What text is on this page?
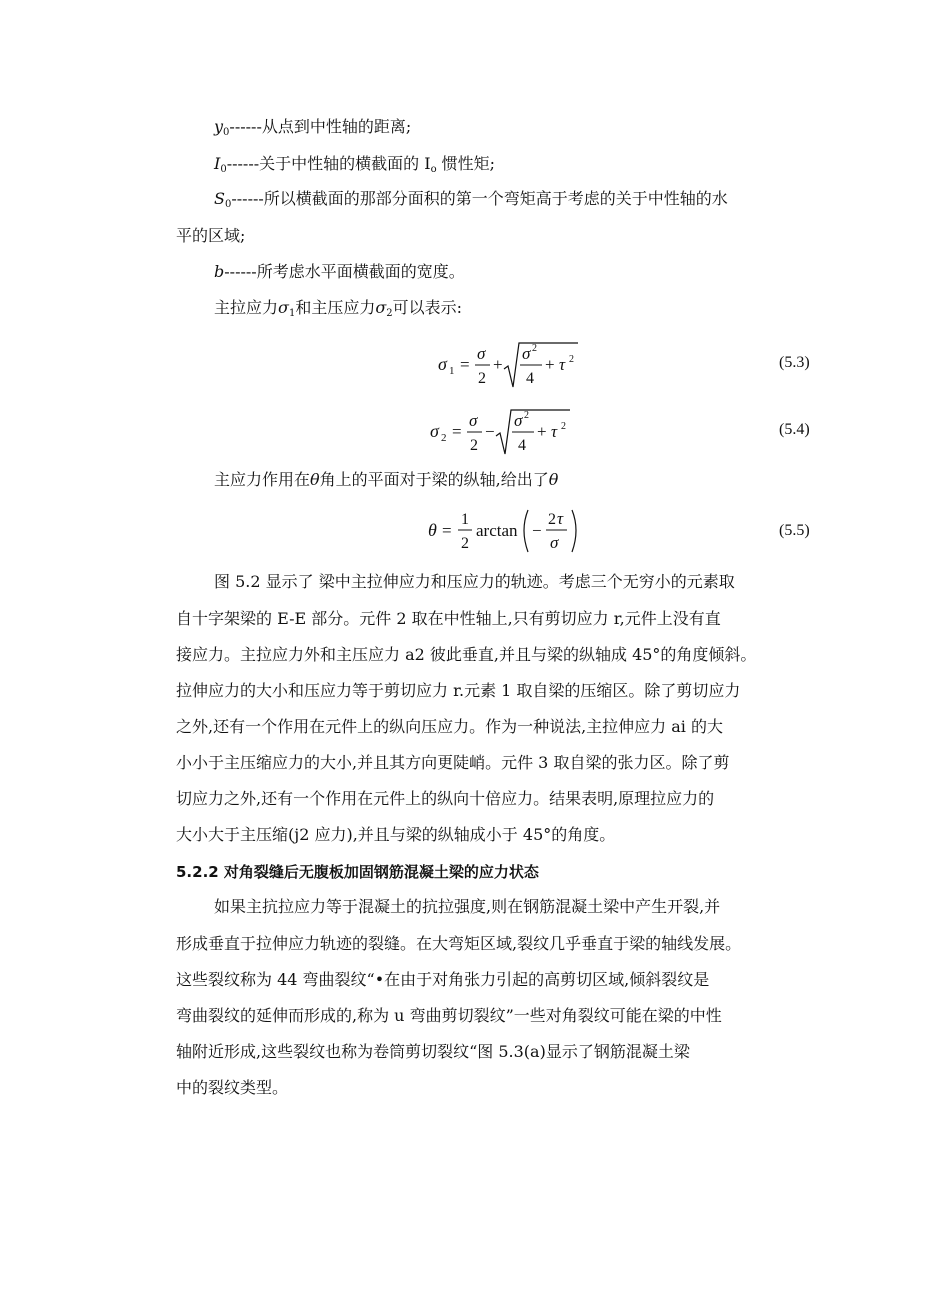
$y_0------$从点到中性轴的距离;
$I_0------$关于中性轴的横截面的 $I_o$ 惯性矩;
$S_0------$所以横截面的那部分面积的第一个弯矩高于考虑的关于中性轴的水
平的区域;
b------所考虑水平面横截面的宽度。
主拉应力$\sigma_1$和主压应力$\sigma_2$可以表示:
σ 1 =
σ
2
+
σ 2
4
+ τ 2	(5.3)
σ 2 =
σ
2
−
σ 2
4
+ τ 2	(5.4)
主应力作用在θ角上的平面对于梁的纵轴,给出了θ
θ =
1
2
arctan −
2 τ
σ
(5.5)
图 5.2 显示了 梁中主拉伸应力和压应力的轨迹。考虑三个无穷小的元素取
自十字架梁的 E-E 部分。元件 2 取在中性轴上,只有剪切应力 r,元件上没有直
接应力。主拉应力外和主压应力 a2 彼此垂直,并且与梁的纵轴成 45°的角度倾斜。
拉伸应力的大小和压应力等于剪切应力 r.元素 1 取自梁的压缩区。除了剪切应力
之外,还有一个作用在元件上的纵向压应力。作为一种说法,主拉伸应力 ai 的大
小小于主压缩应力的大小,并且其方向更陡峭。元件 3 取自梁的张力区。除了剪
切应力之外,还有一个作用在元件上的纵向十倍应力。结果表明,原理拉应力的
大小大于主压缩(j2 应力),并且与梁的纵轴成小于 45°的角度。
5.2.2 对角裂缝后无腹板加固钢筋混凝土梁的应力状态
如果主抗拉应力等于混凝土的抗拉强度,则在钢筋混凝土梁中产生开裂,并
形成垂直于拉伸应力轨迹的裂缝。在大弯矩区域,裂纹几乎垂直于梁的轴线发展。
这些裂纹称为 44 弯曲裂纹“•在由于对角张力引起的高剪切区域,倾斜裂纹是
弯曲裂纹的延伸而形成的,称为 u 弯曲剪切裂纹”一些对角裂纹可能在梁的中性
轴附近形成,这些裂纹也称为卷筒剪切裂纹“图 5.3(a)显示了钢筋混凝土梁
中的裂纹类型。
